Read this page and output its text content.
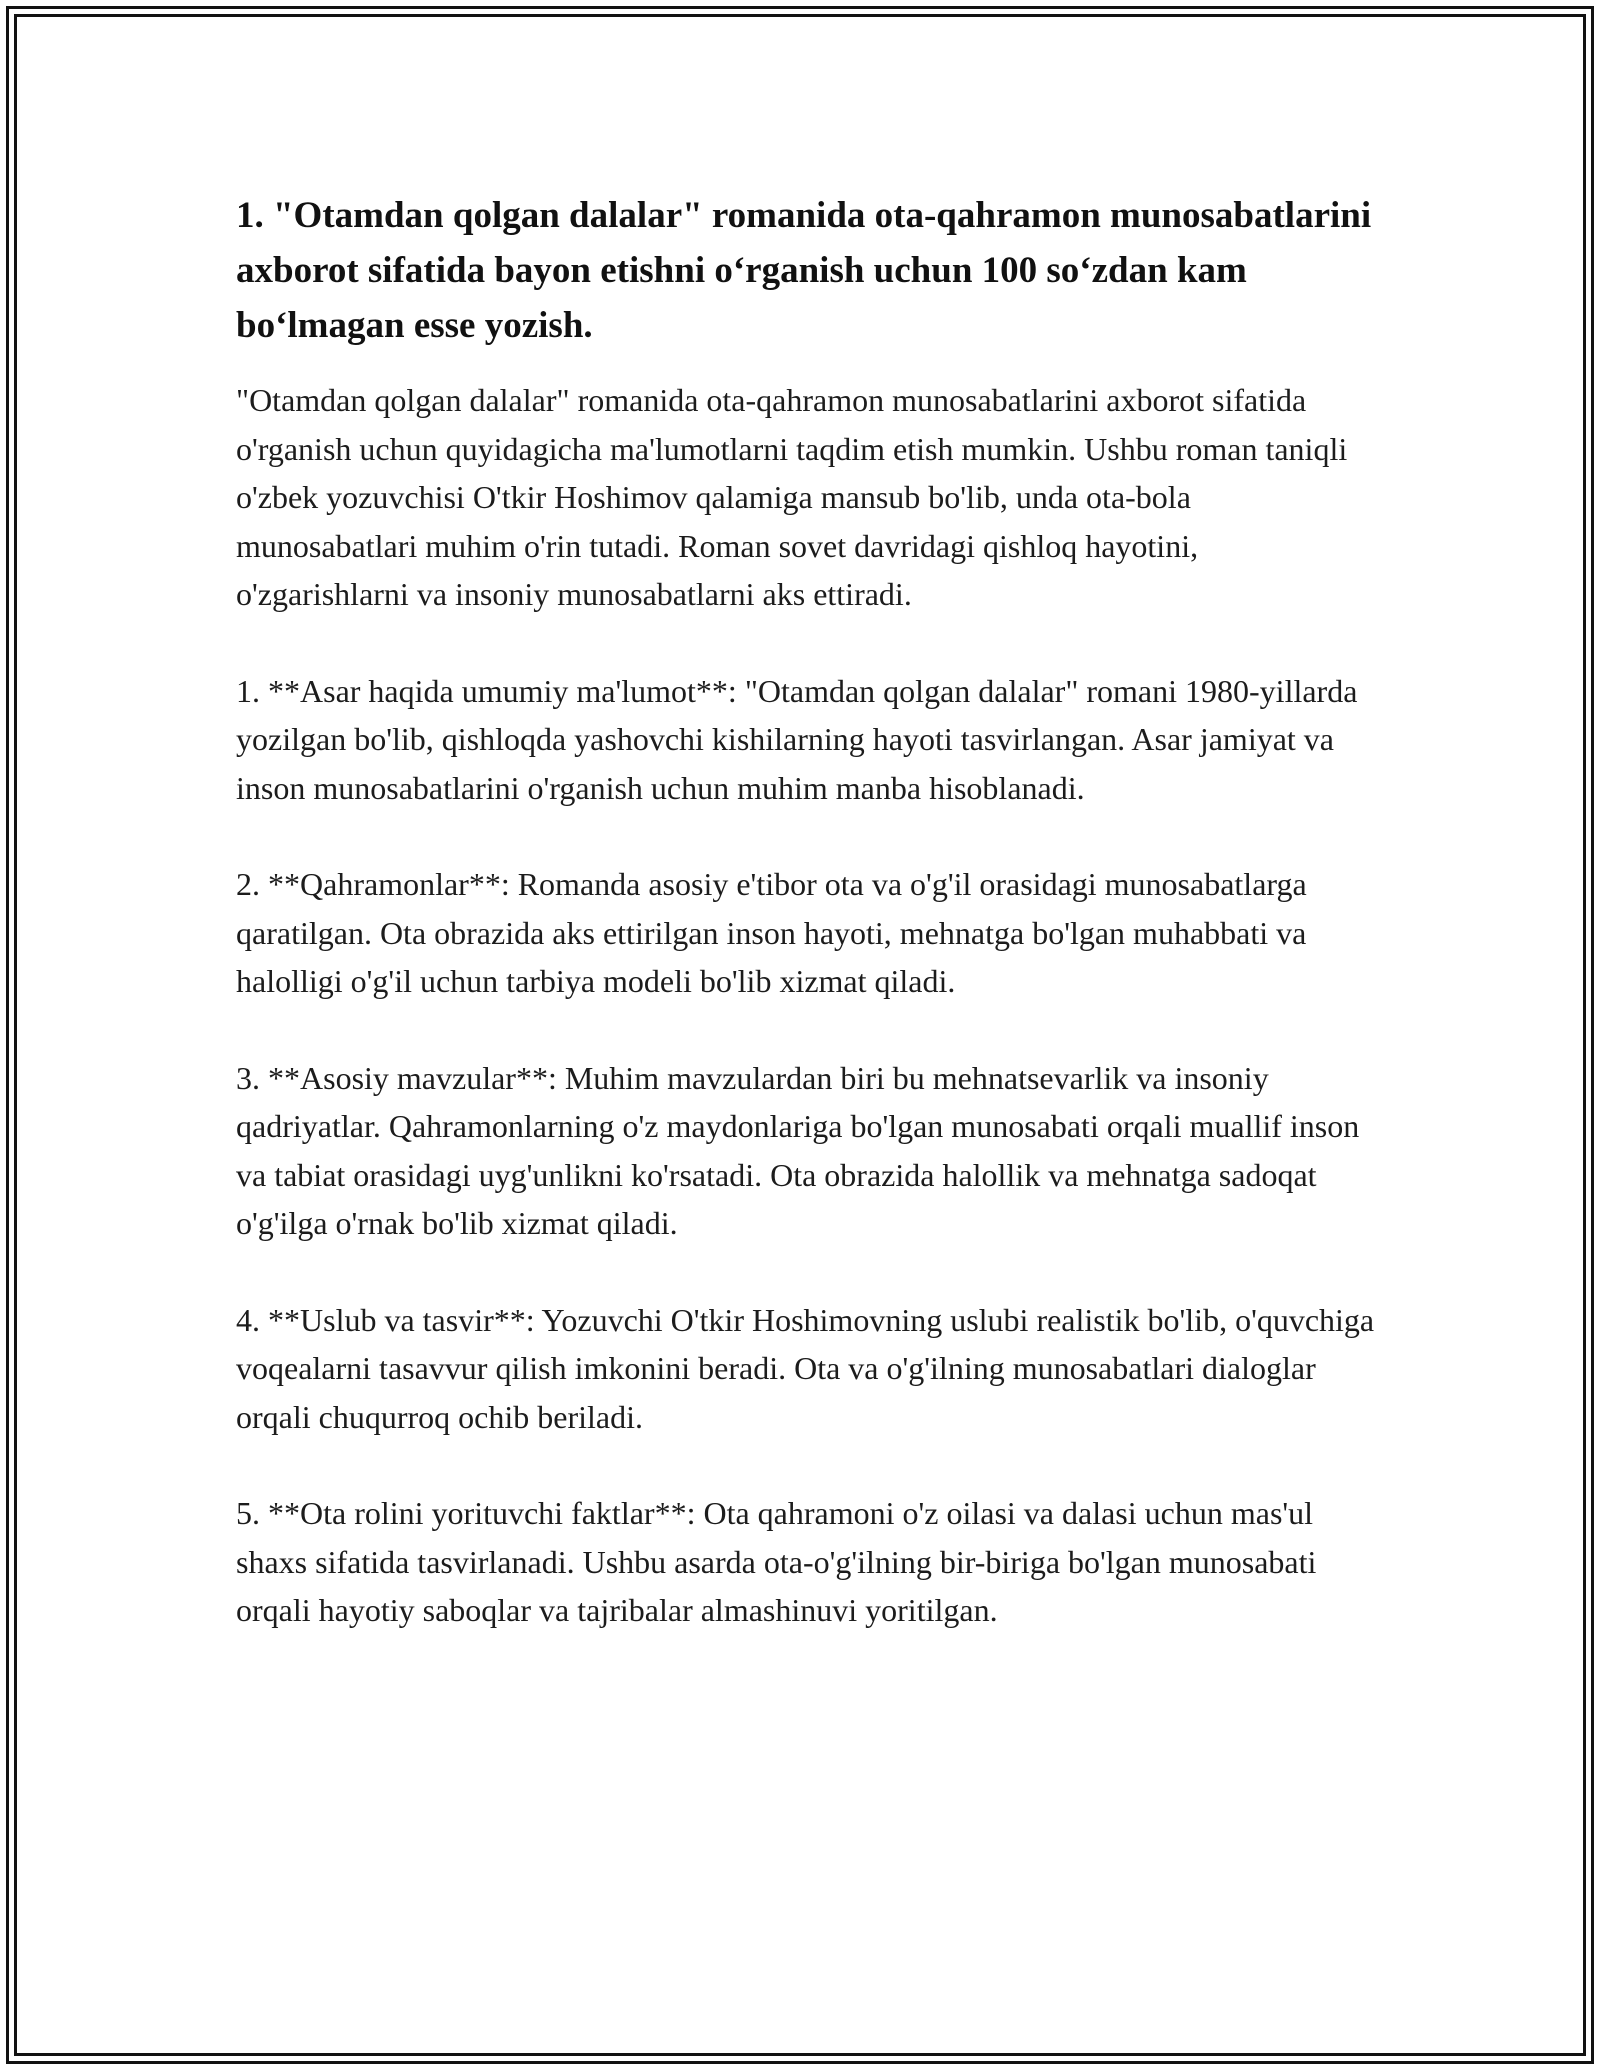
1. "Otamdan qolgan dalalar" romanida ota-qahramon munosabatlarini axborot sifatida bayon etishni o‘rganish uchun 100 so‘zdan kam bo‘lmagan esse yozish.

"Otamdan qolgan dalalar" romanida ota-qahramon munosabatlarini axborot sifatida o'rganish uchun quyidagicha ma'lumotlarni taqdim etish mumkin. Ushbu roman taniqli o'zbek yozuvchisi O'tkir Hoshimov qalamiga mansub bo'lib, unda ota-bola munosabatlari muhim o'rin tutadi. Roman sovet davridagi qishloq hayotini, o'zgarishlarni va insoniy munosabatlarni aks ettiradi.

1. **Asar haqida umumiy ma'lumot**: "Otamdan qolgan dalalar" romani 1980-yillarda yozilgan bo'lib, qishloqda yashovchi kishilarning hayoti tasvirlangan. Asar jamiyat va inson munosabatlarini o'rganish uchun muhim manba hisoblanadi.

2. **Qahramonlar**: Romanda asosiy e'tibor ota va o'g'il orasidagi munosabatlarga qaratilgan. Ota obrazida aks ettirilgan inson hayoti, mehnatga bo'lgan muhabbati va halolligi o'g'il uchun tarbiya modeli bo'lib xizmat qiladi.

3. **Asosiy mavzular**: Muhim mavzulardan biri bu mehnatsevarlik va insoniy qadriyatlar. Qahramonlarning o'z maydonlariga bo'lgan munosabati orqali muallif inson va tabiat orasidagi uyg'unlikni ko'rsatadi. Ota obrazida halollik va mehnatga sadoqat o'g'ilga o'rnak bo'lib xizmat qiladi.

4. **Uslub va tasvir**: Yozuvchi O'tkir Hoshimovning uslubi realistik bo'lib, o'quvchiga voqealarni tasavvur qilish imkonini beradi. Ota va o'g'ilning munosabatlari dialoglar orqali chuqurroq ochib beriladi.

5. **Ota rolini yorituvchi faktlar**: Ota qahramoni o'z oilasi va dalasi uchun mas'ul shaxs sifatida tasvirlanadi. Ushbu asarda ota-o'g'ilning bir-biriga bo'lgan munosabati orqali hayotiy saboqlar va tajribalar almashinuvi yoritilgan.
